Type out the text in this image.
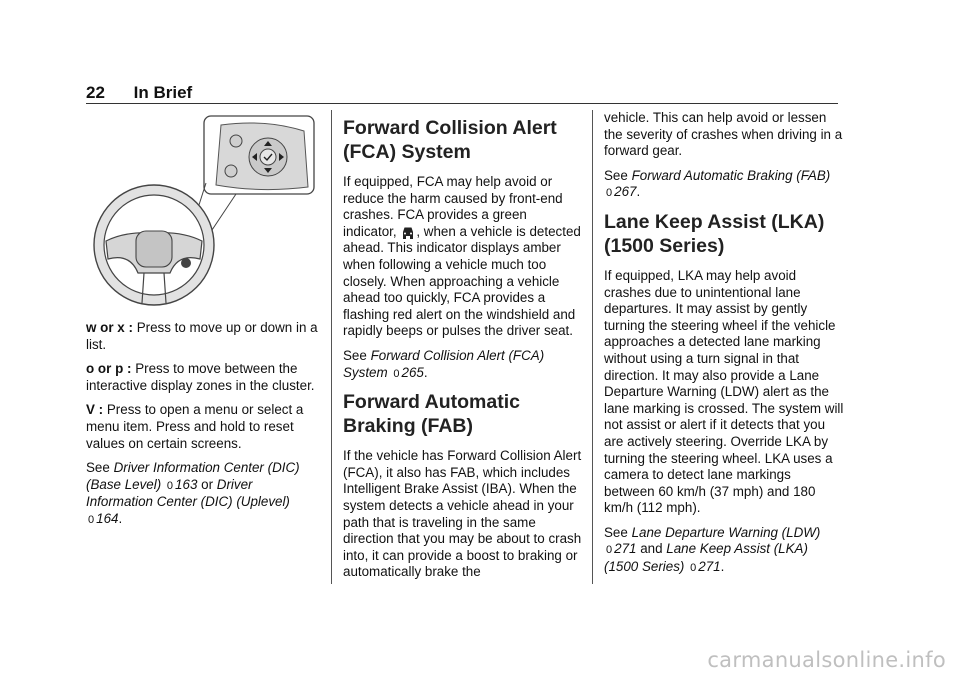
22 In Brief

w or x : Press to move up or down in a list.

o or p : Press to move between the interactive display zones in the cluster.

V : Press to open a menu or select a menu item. Press and hold to reset values on certain screens.

See Driver Information Center (DIC) (Base Level) 0 163 or Driver Information Center (DIC) (Uplevel) 0 164.

Forward Collision Alert (FCA) System

If equipped, FCA may help avoid or reduce the harm caused by front-end crashes. FCA provides a green indicator, , when a vehicle is detected ahead. This indicator displays amber when following a vehicle much too closely. When approaching a vehicle ahead too quickly, FCA provides a flashing red alert on the windshield and rapidly beeps or pulses the driver seat.

See Forward Collision Alert (FCA) System 0 265.

Forward Automatic Braking (FAB)

If the vehicle has Forward Collision Alert (FCA), it also has FAB, which includes Intelligent Brake Assist (IBA). When the system detects a vehicle ahead in your path that is traveling in the same direction that you may be about to crash into, it can provide a boost to braking or automatically brake the

vehicle. This can help avoid or lessen the severity of crashes when driving in a forward gear.

See Forward Automatic Braking (FAB) 0 267.

Lane Keep Assist (LKA) (1500 Series)

If equipped, LKA may help avoid crashes due to unintentional lane departures. It may assist by gently turning the steering wheel if the vehicle approaches a detected lane marking without using a turn signal in that direction. It may also provide a Lane Departure Warning (LDW) alert as the lane marking is crossed. The system will not assist or alert if it detects that you are actively steering. Override LKA by turning the steering wheel. LKA uses a camera to detect lane markings between 60 km/h (37 mph) and 180 km/h (112 mph).

See Lane Departure Warning (LDW) 0 271 and Lane Keep Assist (LKA) (1500 Series) 0 271.

carmanualsonline.info
